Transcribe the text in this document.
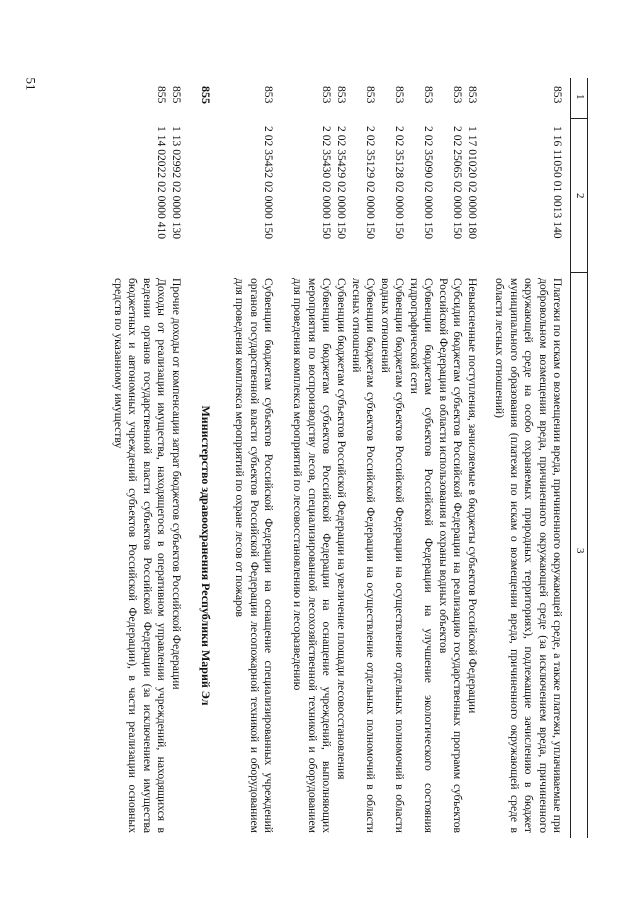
51
1
2
3
853
1 16 11050 01 0013 140
Платежи по искам о возмещении вреда, причиненного окружающей среде, а также платежи, уплачиваемые при добровольном возмещении вреда, причиненного окружающей среде (за исключением вреда, причиненного окружающей среде на особо охраняемых природных территориях), подлежащие зачислению в бюджет муниципального образования (платежи по искам о возмещении вреда, причиненного окружающей среде в области лесных отношений)
853
1 17 01020 02 0000 180
Невыясненные поступления, зачисляемые в бюджеты субъектов Российской Федерации
853
2 02 25065 02 0000 150
Субсидии бюджетам субъектов Российской Федерации на реализацию государственных программ субъектов Российской Федерации в области использования и охраны водных объектов
853
2 02 35090 02 0000 150
Субвенции бюджетам субъектов Российской Федерации на улучшение экологического состояния гидрографической сети
853
2 02 35128 02 0000 150
Субвенции бюджетам субъектов Российской Федерации на осуществление отдельных полномочий в области водных отношений
853
2 02 35129 02 0000 150
Субвенции бюджетам субъектов Российской Федерации на осуществление отдельных полномочий в области лесных отношений
853
2 02 35429 02 0000 150
Субвенции бюджетам субъектов Российской Федерации на увеличение площади лесовосстановления
853
2 02 35430 02 0000 150
Субвенции бюджетам субъектов Российской Федерации на оснащение учреждений, выполняющих мероприятия по воспроизводству лесов, специализированной лесохозяйственной техникой и оборудованием для проведения комплекса мероприятий по лесовосстановлению и лесоразведению
853
2 02 35432 02 0000 150
Субвенции бюджетам субъектов Российской Федерации на оснащение специализированных учреждений органов государственной власти субъектов Российской Федерации лесопожарной техникой и оборудованием для проведения комплекса мероприятий по охране лесов от пожаров
855
Министерство здравоохранения Республики Марий Эл
855
1 13 02992 02 0000 130
Прочие доходы от компенсации затрат бюджетов субъектов Российской Федерации
855
1 14 02022 02 0000 410
Доходы от реализации имущества, находящегося в оперативном управлении учреждений, находящихся в ведении органов государственной власти субъектов Российской Федерации (за исключением имущества бюджетных и автономных учреждений субъектов Российской Федерации), в части реализации основных средств по указанному имуществу
